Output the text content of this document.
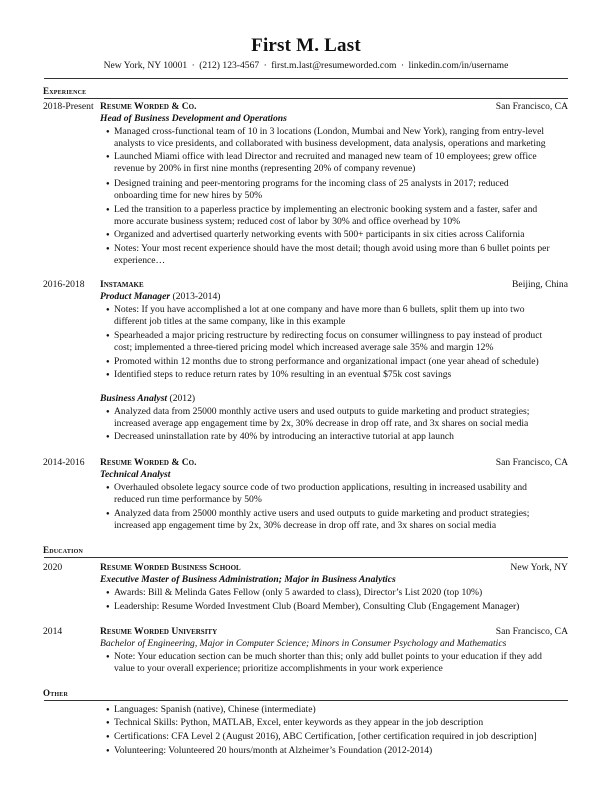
First M. Last
New York, NY 10001 · (212) 123-4567 · first.m.last@resumeworded.com · linkedin.com/in/username
Experience
2018-Present Resume Worded & Co.	San Francisco, CA
Head of Business Development and Operations
● Managed cross-functional team of 10 in 3 locations (London, Mumbai and New York), ranging from entry-level
analysts to vice presidents, and collaborated with business development, data analysis, operations and marketing
● Launched Miami office with lead Director and recruited and managed new team of 10 employees; grew office
revenue by 200% in first nine months (representing 20% of company revenue)
● Designed training and peer-mentoring programs for the incoming class of 25 analysts in 2017; reduced
onboarding time for new hires by 50%
● Led the transition to a paperless practice by implementing an electronic booking system and a faster, safer and
more accurate business system; reduced cost of labor by 30% and office overhead by 10%
● Organized and advertised quarterly networking events with 500+ participants in six cities across California
● Notes: Your most recent experience should have the most detail; though avoid using more than 6 bullet points per
experience…
2016-2018 Instamake	Beijing, China
Product Manager (2013-2014)
● Notes: If you have accomplished a lot at one company and have more than 6 bullets, split them up into two
different job titles at the same company, like in this example
● Spearheaded a major pricing restructure by redirecting focus on consumer willingness to pay instead of product
cost; implemented a three-tiered pricing model which increased average sale 35% and margin 12%
● Promoted within 12 months due to strong performance and organizational impact (one year ahead of schedule)
● Identified steps to reduce return rates by 10% resulting in an eventual $75k cost savings
Business Analyst (2012)
● Analyzed data from 25000 monthly active users and used outputs to guide marketing and product strategies;
increased average app engagement time by 2x, 30% decrease in drop off rate, and 3x shares on social media
● Decreased uninstallation rate by 40% by introducing an interactive tutorial at app launch
2014-2016 Resume Worded & Co.	San Francisco, CA
Technical Analyst
● Overhauled obsolete legacy source code of two production applications, resulting in increased usability and
reduced run time performance by 50%
● Analyzed data from 25000 monthly active users and used outputs to guide marketing and product strategies;
increased app engagement time by 2x, 30% decrease in drop off rate, and 3x shares on social media
Education
2020	Resume Worded Business School	New York, NY
Executive Master of Business Administration; Major in Business Analytics
● Awards: Bill & Melinda Gates Fellow (only 5 awarded to class), Director’s List 2020 (top 10%)
● Leadership: Resume Worded Investment Club (Board Member), Consulting Club (Engagement Manager)
2014	Resume Worded University	San Francisco, CA
Bachelor of Engineering, Major in Computer Science; Minors in Consumer Psychology and Mathematics
● Note: Your education section can be much shorter than this; only add bullet points to your education if they add
value to your overall experience; prioritize accomplishments in your work experience
Other
● Languages: Spanish (native), Chinese (intermediate)
● Technical Skills: Python, MATLAB, Excel, enter keywords as they appear in the job description
● Certifications: CFA Level 2 (August 2016), ABC Certification, [other certification required in job description]
● Volunteering: Volunteered 20 hours/month at Alzheimer’s Foundation (2012-2014)
